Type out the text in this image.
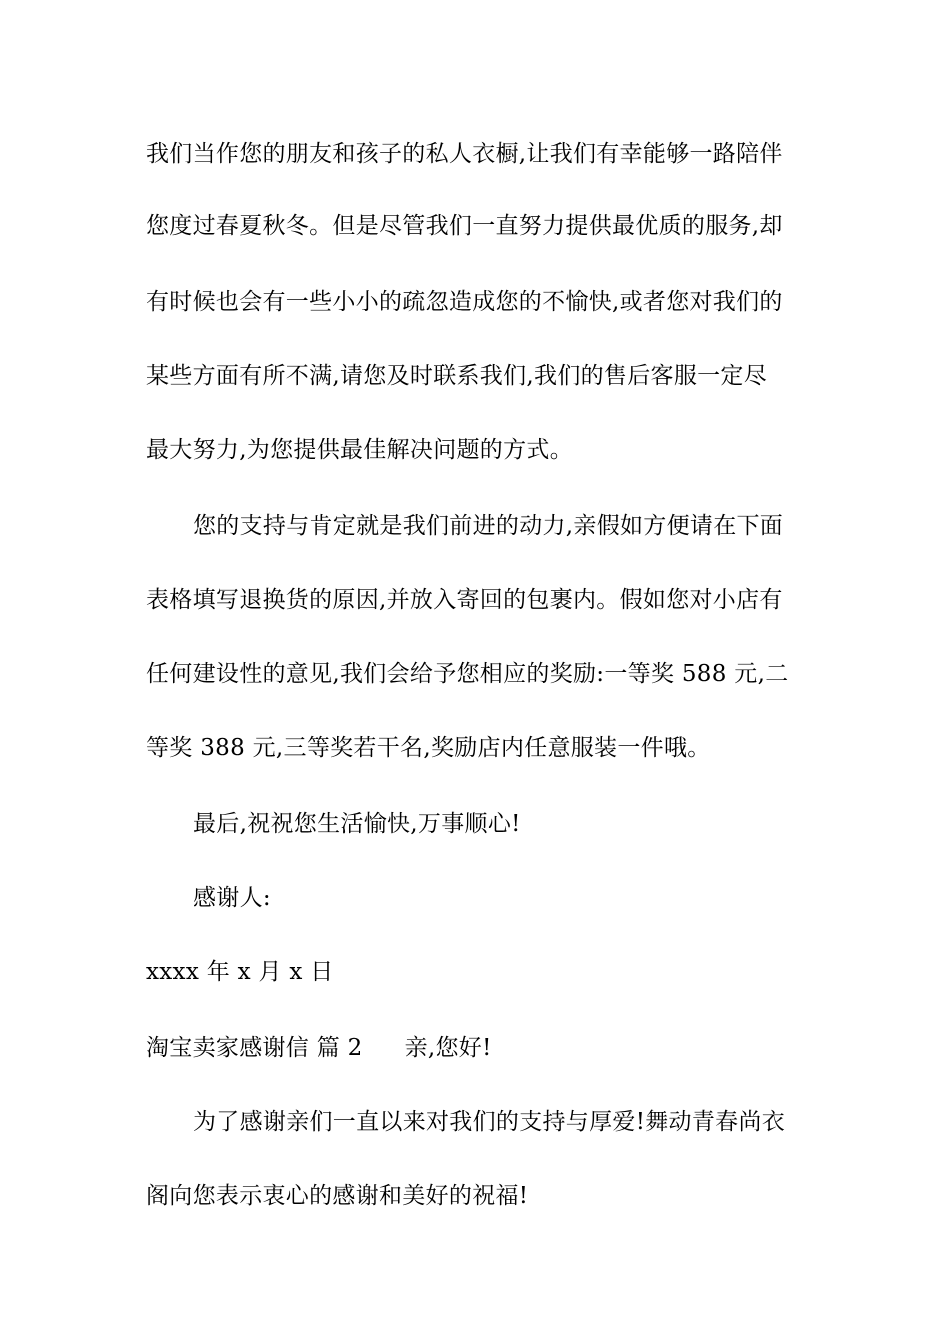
我们当作您的朋友和孩子的私人衣橱,让我们有幸能够一路陪伴
您度过春夏秋冬。但是尽管我们一直努力提供最优质的服务,却
有时候也会有一些小小的疏忽造成您的不愉快,或者您对我们的
某些方面有所不满,请您及时联系我们,我们的售后客服一定尽
最大努力,为您提供最佳解决问题的方式。
您的支持与肯定就是我们前进的动力,亲假如方便请在下面
表格填写退换货的原因,并放入寄回的包裹内。假如您对小店有
任何建设性的意见,我们会给予您相应的奖励:一等奖 588 元,二
等奖 388 元,三等奖若干名,奖励店内任意服装一件哦。
最后,祝祝您生活愉快,万事顺心!
感谢人:
xxxx 年 x 月 x 日
淘宝卖家感谢信 篇 2 亲,您好!
为了感谢亲们一直以来对我们的支持与厚爱!舞动青春尚衣
阁向您表示衷心的感谢和美好的祝福!
